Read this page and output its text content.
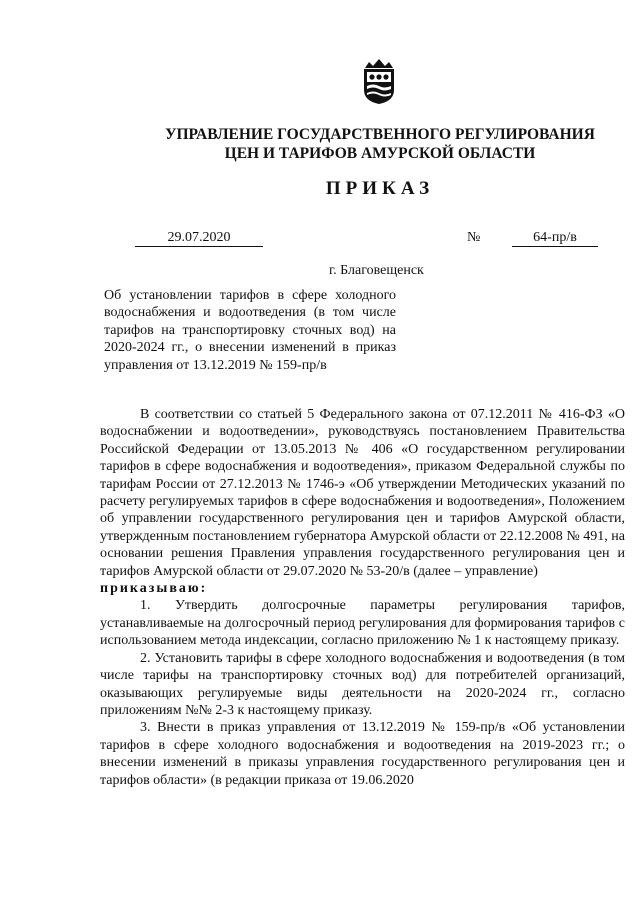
УПРАВЛЕНИЕ ГОСУДАРСТВЕННОГО РЕГУЛИРОВАНИЯ
ЦЕН И ТАРИФОВ АМУРСКОЙ ОБЛАСТИ
ПРИКАЗ
29.07.2020	№	64-пр/в
г. Благовещенск
Об установлении тарифов в сфере холодного водоснабжения и водоотведения (в том числе тарифов на транспортировку сточных вод) на 2020-2024 гг., о внесении изменений в приказ управления от 13.12.2019 № 159-пр/в

В соответствии со статьей 5 Федерального закона от 07.12.2011 № 416-ФЗ «О водоснабжении и водоотведении», руководствуясь постановлением Правительства Российской Федерации от 13.05.2013 № 406 «О государственном регулировании тарифов в сфере водоснабжения и водоотведения», приказом Федеральной службы по тарифам России от 27.12.2013 № 1746-э «Об утверждении Методических указаний по расчету регулируемых тарифов в сфере водоснабжения и водоотведения», Положением об управлении государственного регулирования цен и тарифов Амурской области, утвержденным постановлением губернатора Амурской области от 22.12.2008 № 491, на основании решения Правления управления государственного регулирования цен и тарифов Амурской области от 29.07.2020 № 53-20/в (далее – управление)

приказываю:

1. Утвердить долгосрочные параметры регулирования тарифов, устанавливаемые на долгосрочный период регулирования для формирования тарифов с использованием метода индексации, согласно приложению № 1 к настоящему приказу.

2. Установить тарифы в сфере холодного водоснабжения и водоотведения (в том числе тарифы на транспортировку сточных вод) для потребителей организаций, оказывающих регулируемые виды деятельности на 2020-2024 гг., согласно приложениям №№ 2-3 к настоящему приказу.

3. Внести в приказ управления от 13.12.2019 № 159-пр/в «Об установлении тарифов в сфере холодного водоснабжения и водоотведения на 2019-2023 гг.; о внесении изменений в приказы управления государственного регулирования цен и тарифов области» (в редакции приказа от 19.06.2020
